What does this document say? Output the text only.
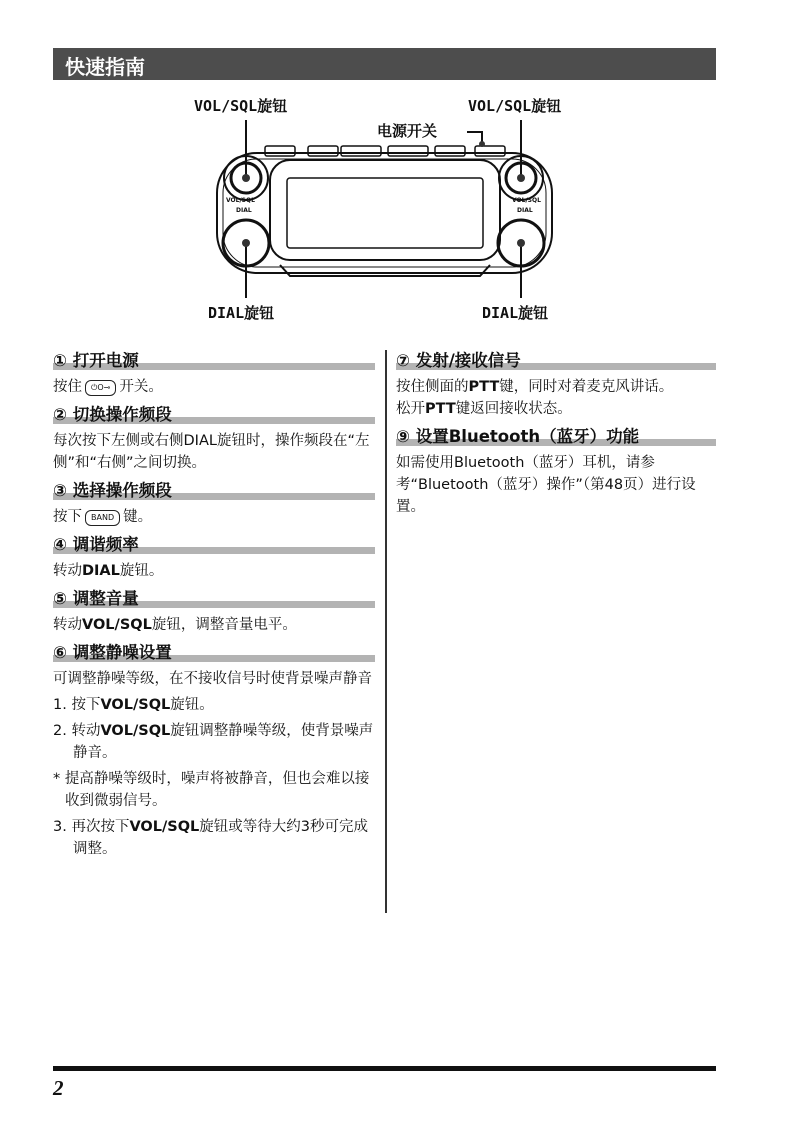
快速指南
VOL/SQL旋钮	VOL/SQL旋钮
电源开关
DIAL旋钮	DIAL旋钮
VOL/SQL
DIAL
VOL/SQL
DIAL
① 打开电源
按住 ⏻O⊸ 开关。
② 切换操作频段
每次按下左侧或右侧DIAL旋钮时，操作频段在“左侧”和“右侧”之间切换。
③ 选择操作频段
按下 BAND 键。
④ 调谐频率
转动DIAL旋钮。
⑤ 调整音量
转动VOL/SQL旋钮，调整音量电平。
⑥ 调整静噪设置
可调整静噪等级，在不接收信号时使背景噪声静音
1. 按下VOL/SQL旋钮。
2. 转动VOL/SQL旋钮调整静噪等级，使背景噪声静音。
* 提高静噪等级时，噪声将被静音，但也会难以接收到微弱信号。
3. 再次按下VOL/SQL旋钮或等待大约3秒可完成调整。
⑦ 发射/接收信号
按住侧面的PTT键，同时对着麦克风讲话。
松开PTT键返回接收状态。
⑨ 设置Bluetooth（蓝牙）功能
如需使用Bluetooth（蓝牙）耳机，请参考“Bluetooth（蓝牙）操作”（第48页）进行设置。
2
